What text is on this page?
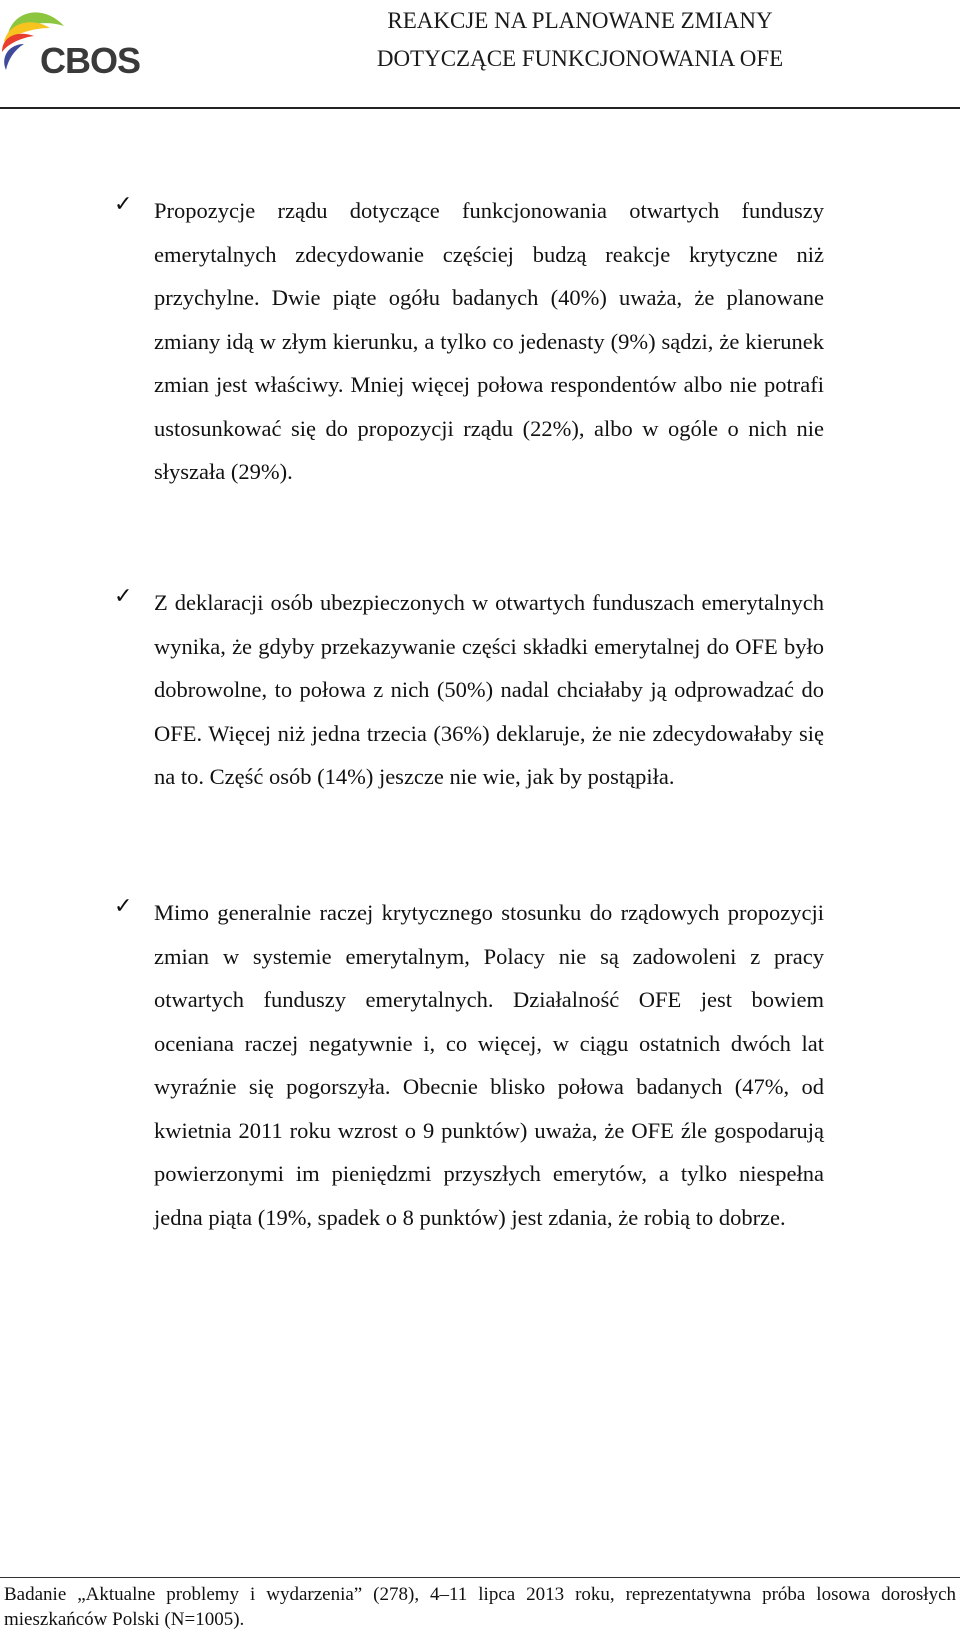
CBOS
REAKCJE NA PLANOWANE ZMIANY
DOTYCZĄCE FUNKCJONOWANIA OFE
✓ Propozycje rządu dotyczące funkcjonowania otwartych funduszy emerytalnych zdecydowanie częściej budzą reakcje krytyczne niż przychylne. Dwie piąte ogółu badanych (40%) uważa, że planowane zmiany idą w złym kierunku, a tylko co jedenasty (9%) sądzi, że kierunek zmian jest właściwy. Mniej więcej połowa respondentów albo nie potrafi ustosunkować się do propozycji rządu (22%), albo w ogóle o nich nie słyszała (29%).
✓ Z deklaracji osób ubezpieczonych w otwartych funduszach emerytalnych wynika, że gdyby przekazywanie części składki emerytalnej do OFE było dobrowolne, to połowa z nich (50%) nadal chciałaby ją odprowadzać do OFE. Więcej niż jedna trzecia (36%) deklaruje, że nie zdecydowałaby się na to. Część osób (14%) jeszcze nie wie, jak by postąpiła.
✓ Mimo generalnie raczej krytycznego stosunku do rządowych propozycji zmian w systemie emerytalnym, Polacy nie są zadowoleni z pracy otwartych funduszy emerytalnych. Działalność OFE jest bowiem oceniana raczej negatywnie i, co więcej, w ciągu ostatnich dwóch lat wyraźnie się pogorszyła. Obecnie blisko połowa badanych (47%, od kwietnia 2011 roku wzrost o 9 punktów) uważa, że OFE źle gospodarują powierzonymi im pieniędzmi przyszłych emerytów, a tylko niespełna jedna piąta (19%, spadek o 8 punktów) jest zdania, że robią to dobrze.
Badanie „Aktualne problemy i wydarzenia” (278), 4–11 lipca 2013 roku, reprezentatywna próba losowa dorosłych mieszkańców Polski (N=1005).
